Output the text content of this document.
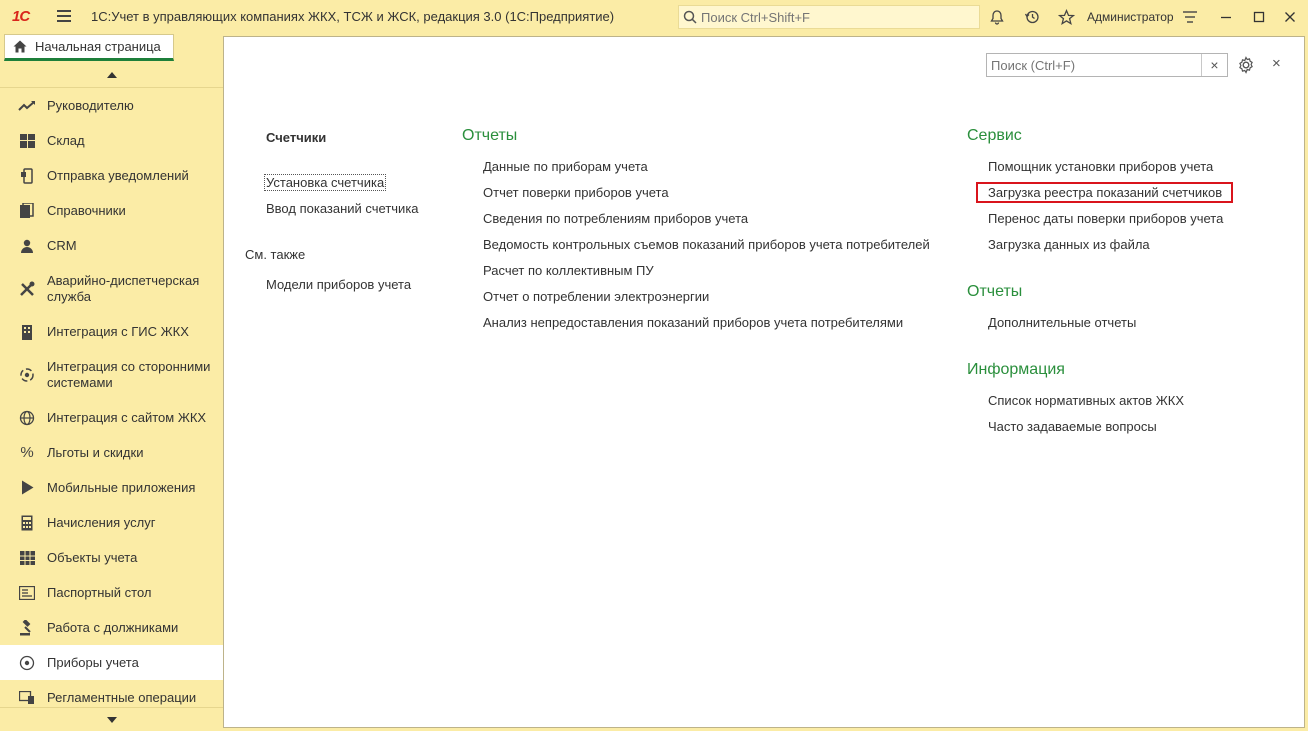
1С	1С:Учет в управляющих компаниях ЖКХ, ТСЖ и ЖСК, редакция 3.0 (1С:Предприятие)
Поиск Ctrl+Shift+F	Администратор
Начальная страница
Руководителю
Склад
Отправка уведомлений
Справочники
CRM
Аварийно-диспетчерская служба
Интеграция с ГИС ЖКХ
Интеграция со сторонними системами
Интеграция с сайтом ЖКХ
% Льготы и скидки
Мобильные приложения
Начисления услуг
Объекты учета
Паспортный стол
Работа с должниками
Приборы учета
Регламентные операции
Поиск (Ctrl+F)
×	×
Счетчики
Установка счетчика
Ввод показаний счетчика
См. также
Модели приборов учета
Отчеты
Данные по приборам учета
Отчет поверки приборов учета
Сведения по потреблениям приборов учета
Ведомость контрольных съемов показаний приборов учета потребителей
Расчет по коллективным ПУ
Отчет о потреблении электроэнергии
Анализ непредоставления показаний приборов учета потребителями
Сервис
Помощник установки приборов учета
Загрузка реестра показаний счетчиков
Перенос даты поверки приборов учета
Загрузка данных из файла
Отчеты
Дополнительные отчеты
Информация
Список нормативных актов ЖКХ
Часто задаваемые вопросы
